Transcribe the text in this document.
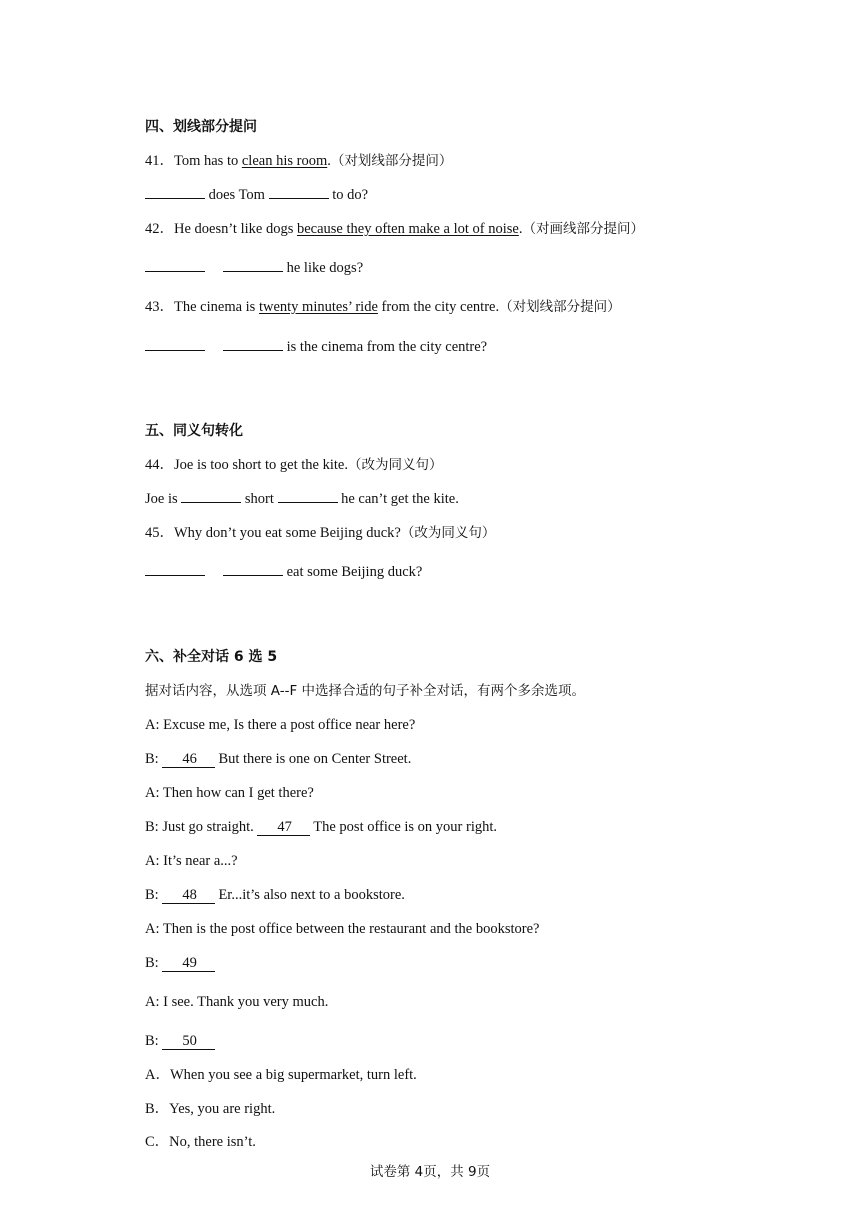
四、划线部分提问
41．Tom has to clean his room.（对划线部分提问）
does Tom	to do?
42．He doesn’t like dogs because they often make a lot of noise.（对画线部分提问）
he like dogs?
43．The cinema is twenty minutes’ ride from the city centre.（对划线部分提问）
is the cinema from the city centre?
五、同义句转化
44．Joe is too short to get the kite.（改为同义句）
Joe is	short	he can’t get the kite.
45．Why don’t you eat some Beijing duck?（改为同义句）
eat some Beijing duck?
六、补全对话 6 选 5
据对话内容，从选项 A--F 中选择合适的句子补全对话，有两个多余选项。
A: Excuse me, Is there a post office near here?
B: 46 But there is one on Center Street.
A: Then how can I get there?
B: Just go straight. 47 The post office is on your right.
A: It’s near a...?
B: 48 Er...it’s also next to a bookstore.
A: Then is the post office between the restaurant and the bookstore?
B: 49
A: I see. Thank you very much.
B: 50
A．When you see a big supermarket, turn left.
B．Yes, you are right.
C．No, there isn’t.
试卷第 4页，共 9页
